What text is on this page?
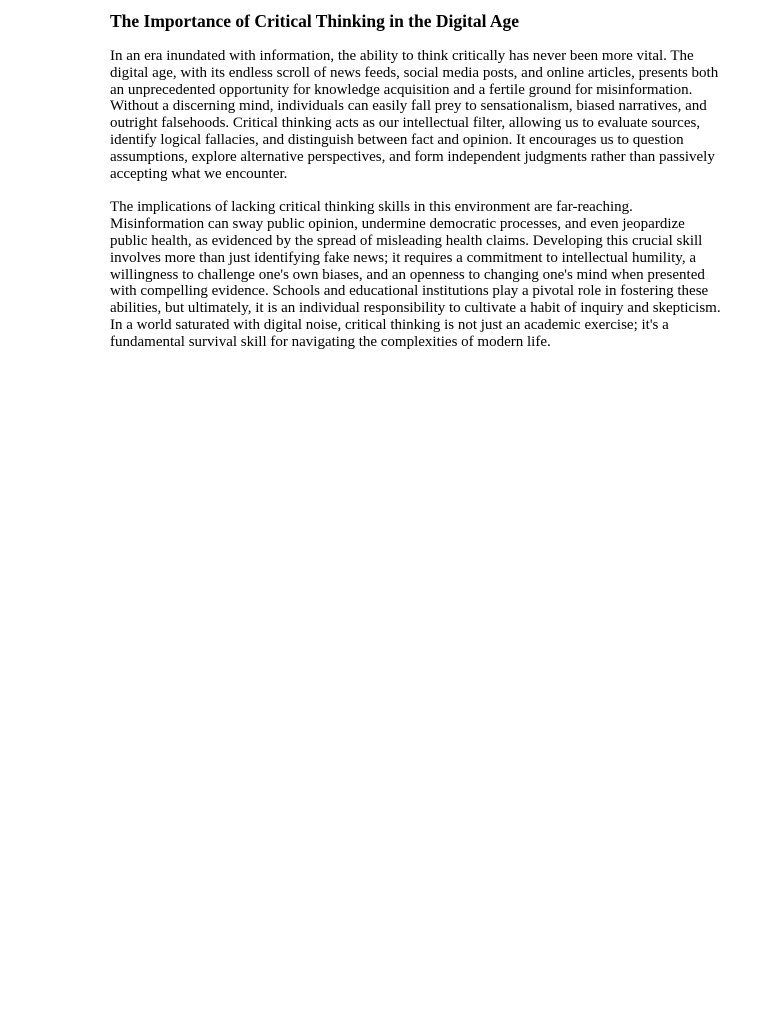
The Importance of Critical Thinking in the Digital Age

In an era inundated with information, the ability to think critically has never been more vital. The digital age, with its endless scroll of news feeds, social media posts, and online articles, presents both an unprecedented opportunity for knowledge acquisition and a fertile ground for misinformation. Without a discerning mind, individuals can easily fall prey to sensationalism, biased narratives, and outright falsehoods. Critical thinking acts as our intellectual filter, allowing us to evaluate sources, identify logical fallacies, and distinguish between fact and opinion. It encourages us to question assumptions, explore alternative perspectives, and form independent judgments rather than passively accepting what we encounter.

The implications of lacking critical thinking skills in this environment are far-reaching. Misinformation can sway public opinion, undermine democratic processes, and even jeopardize public health, as evidenced by the spread of misleading health claims. Developing this crucial skill involves more than just identifying fake news; it requires a commitment to intellectual humility, a willingness to challenge one's own biases, and an openness to changing one's mind when presented with compelling evidence. Schools and educational institutions play a pivotal role in fostering these abilities, but ultimately, it is an individual responsibility to cultivate a habit of inquiry and skepticism. In a world saturated with digital noise, critical thinking is not just an academic exercise; it's a fundamental survival skill for navigating the complexities of modern life.
